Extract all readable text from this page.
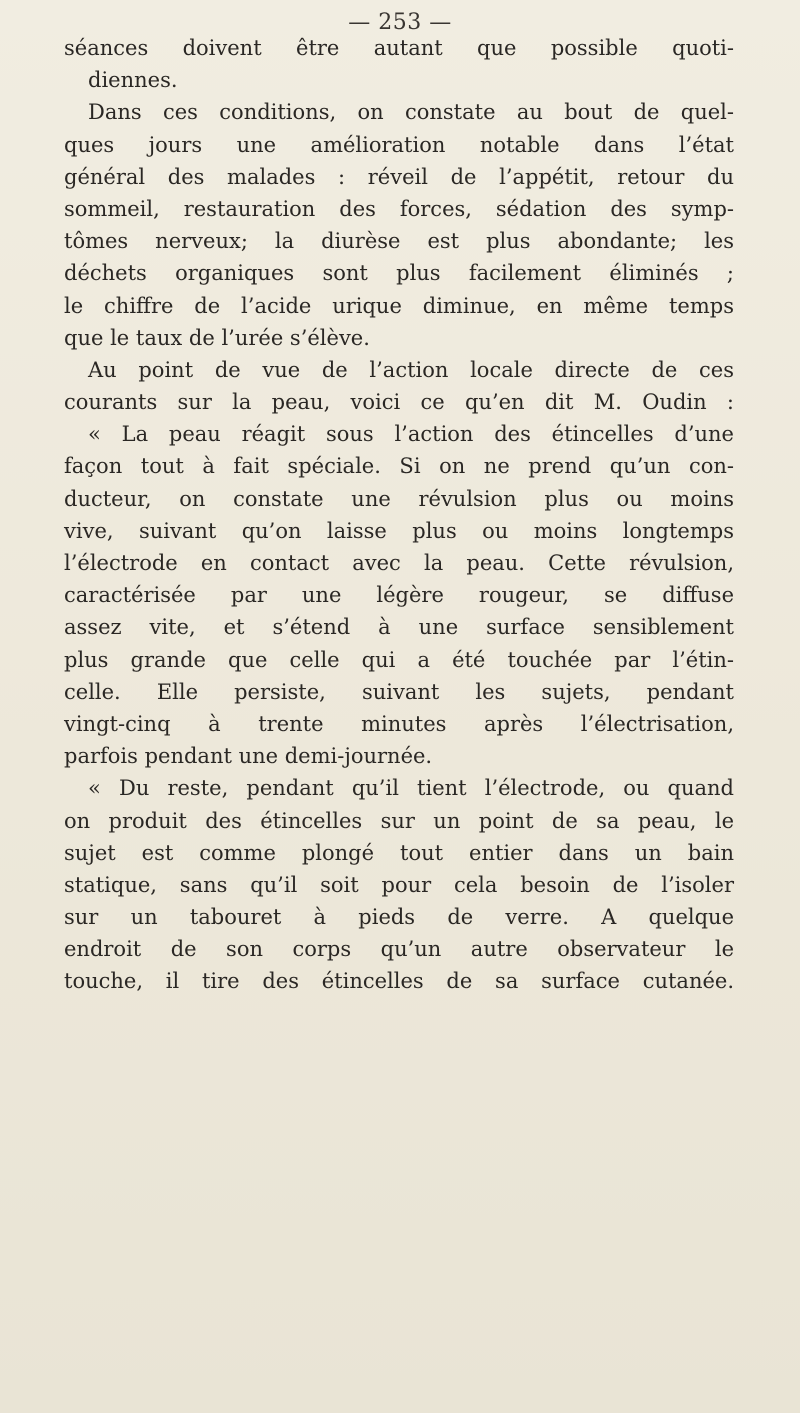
— 253 —

séances doivent être autant que possible quoti-
diennes.
Dans ces conditions, on constate au bout de quel-
ques jours une amélioration notable dans l’état
général des malades : réveil de l’appétit, retour du
sommeil, restauration des forces, sédation des symp-
tômes nerveux; la diurèse est plus abondante; les
déchets organiques sont plus facilement éliminés ;
le chiffre de l’acide urique diminue, en même temps
que le taux de l’urée s’élève.
Au point de vue de l’action locale directe de ces
courants sur la peau, voici ce qu’en dit M. Oudin :
« La peau réagit sous l’action des étincelles d’une
façon tout à fait spéciale. Si on ne prend qu’un con-
ducteur, on constate une révulsion plus ou moins
vive, suivant qu’on laisse plus ou moins longtemps
l’électrode en contact avec la peau. Cette révulsion,
caractérisée par une légère rougeur, se diffuse
assez vite, et s’étend à une surface sensiblement
plus grande que celle qui a été touchée par l’étin-
celle. Elle persiste, suivant les sujets, pendant
vingt-cinq à trente minutes après l’électrisation,
parfois pendant une demi-journée.
« Du reste, pendant qu’il tient l’électrode, ou quand
on produit des étincelles sur un point de sa peau, le
sujet est comme plongé tout entier dans un bain
statique, sans qu’il soit pour cela besoin de l’isoler
sur un tabouret à pieds de verre. A quelque
endroit de son corps qu’un autre observateur le
touche, il tire des étincelles de sa surface cutanée.
